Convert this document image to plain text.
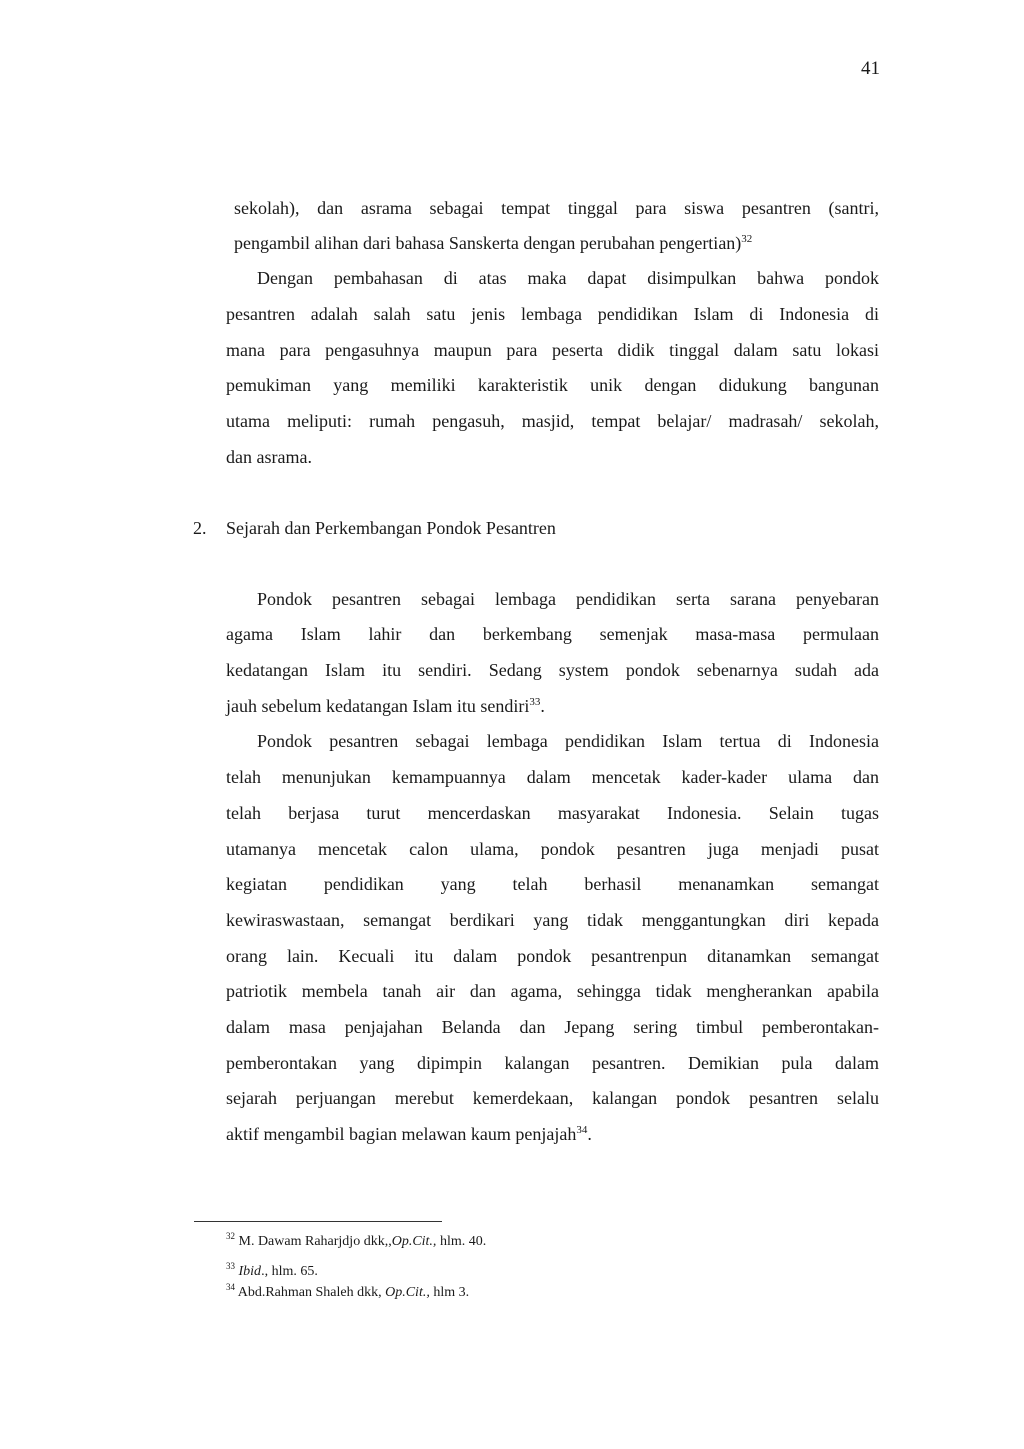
41
sekolah), dan asrama sebagai tempat tinggal para siswa pesantren (santri,
pengambil alihan dari bahasa Sanskerta dengan perubahan pengertian)$^{32}$
Dengan pembahasan di atas maka dapat disimpulkan bahwa pondok
pesantren adalah salah satu jenis lembaga pendidikan Islam di Indonesia di
mana para pengasuhnya maupun para peserta didik tinggal dalam satu lokasi
pemukiman yang memiliki karakteristik unik dengan didukung bangunan
utama meliputi: rumah pengasuh, masjid, tempat belajar/ madrasah/ sekolah,
dan asrama.
2. Sejarah dan Perkembangan Pondok Pesantren
Pondok pesantren sebagai lembaga pendidikan serta sarana penyebaran
agama Islam lahir dan berkembang semenjak masa-masa permulaan
kedatangan Islam itu sendiri. Sedang system pondok sebenarnya sudah ada
jauh sebelum kedatangan Islam itu sendiri$^{33}$.
Pondok pesantren sebagai lembaga pendidikan Islam tertua di Indonesia
telah menunjukan kemampuannya dalam mencetak kader-kader ulama dan
telah berjasa turut mencerdaskan masyarakat Indonesia. Selain tugas
utamanya mencetak calon ulama, pondok pesantren juga menjadi pusat
kegiatan pendidikan yang telah berhasil menanamkan semangat
kewiraswastaan, semangat berdikari yang tidak menggantungkan diri kepada
orang lain. Kecuali itu dalam pondok pesantrenpun ditanamkan semangat
patriotik membela tanah air dan agama, sehingga tidak mengherankan apabila
dalam masa penjajahan Belanda dan Jepang sering timbul pemberontakan-
pemberontakan yang dipimpin kalangan pesantren. Demikian pula dalam
sejarah perjuangan merebut kemerdekaan, kalangan pondok pesantren selalu
aktif mengambil bagian melawan kaum penjajah$^{34}$.
$^{32}$ M. Dawam Raharjdjo dkk,,Op.Cit., hlm. 40.
$^{33}$ Ibid., hlm. 65.
$^{34}$ Abd.Rahman Shaleh dkk, Op.Cit., hlm 3.
